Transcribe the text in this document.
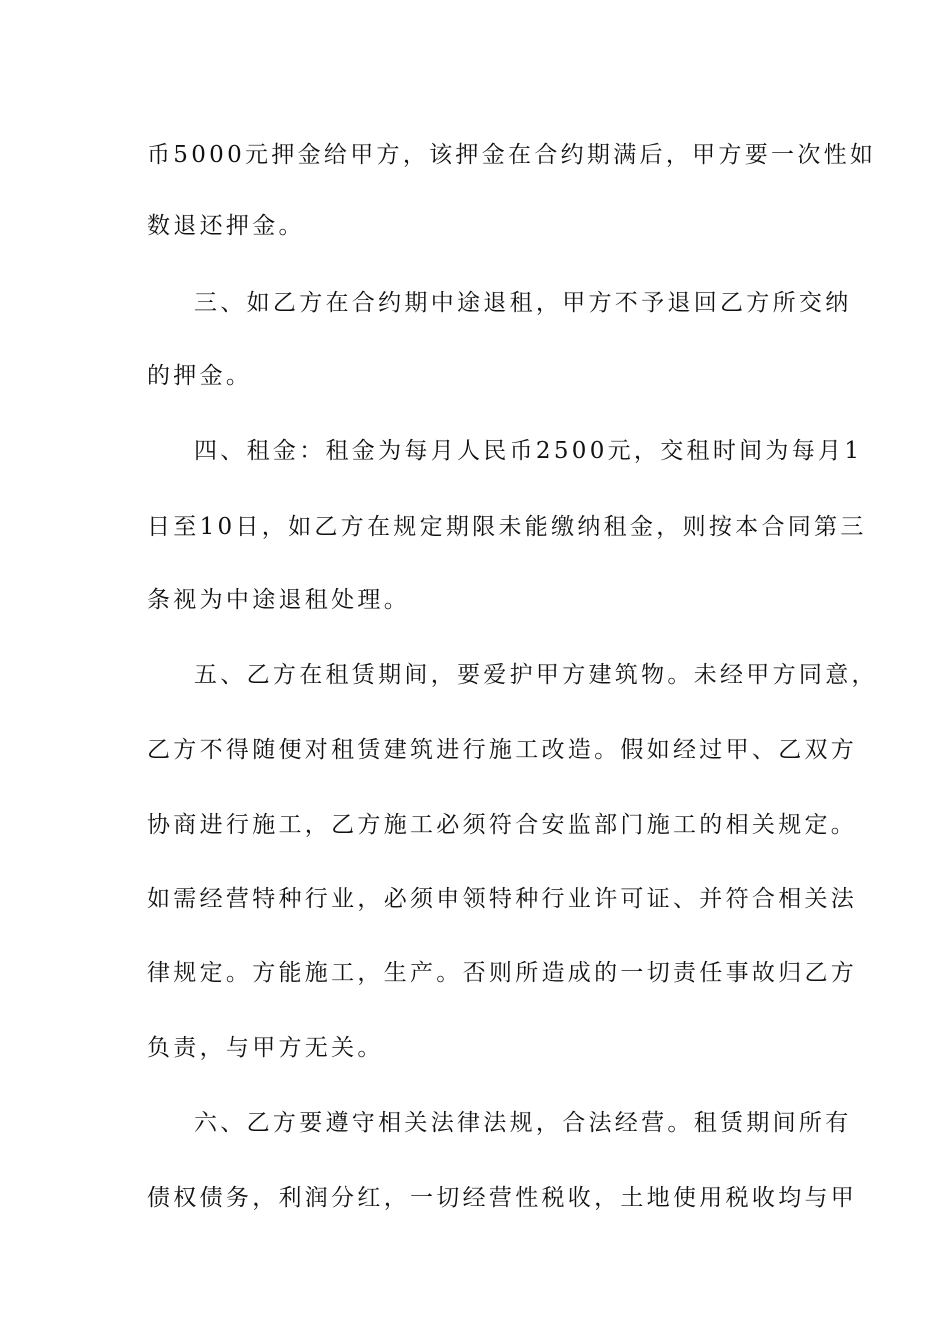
币5000元押金给甲方，该押金在合约期满后，甲方要一次性如
数退还押金。
三、如乙方在合约期中途退租，甲方不予退回乙方所交纳
的押金。
四、租金：租金为每月人民币2500元，交租时间为每月1
日至10日，如乙方在规定期限未能缴纳租金，则按本合同第三
条视为中途退租处理。
五、乙方在租赁期间，要爱护甲方建筑物。未经甲方同意，
乙方不得随便对租赁建筑进行施工改造。假如经过甲、乙双方
协商进行施工，乙方施工必须符合安监部门施工的相关规定。
如需经营特种行业，必须申领特种行业许可证、并符合相关法
律规定。方能施工，生产。否则所造成的一切责任事故归乙方
负责，与甲方无关。
六、乙方要遵守相关法律法规，合法经营。租赁期间所有
债权债务，利润分红，一切经营性税收，土地使用税收均与甲
